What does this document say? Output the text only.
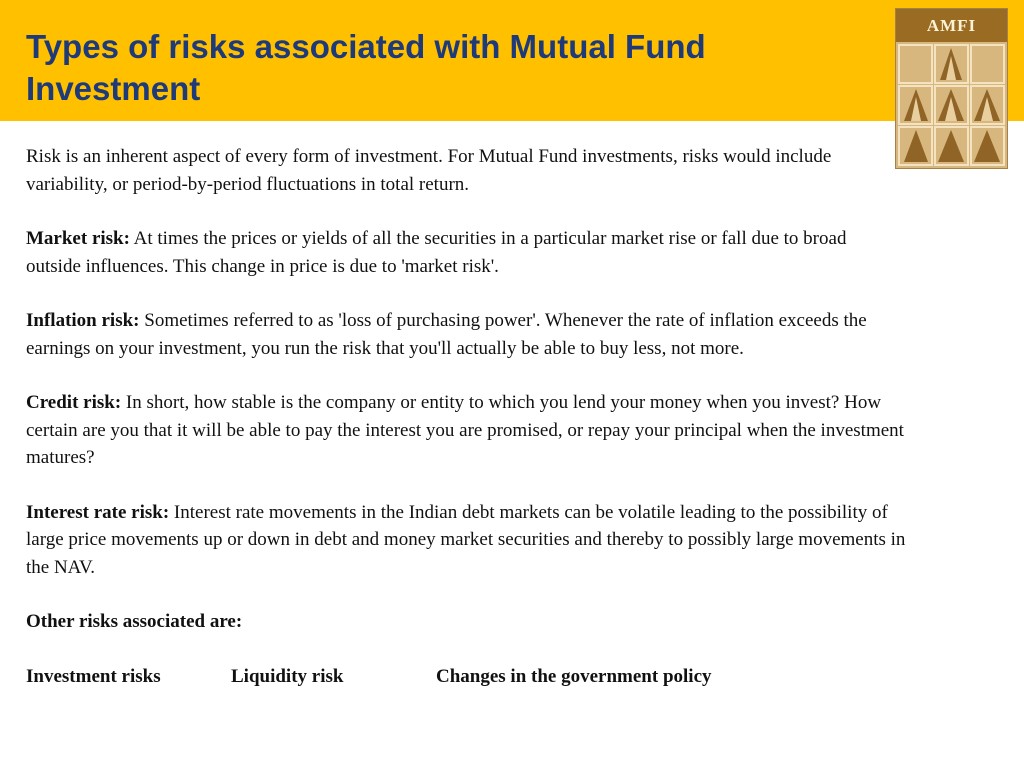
Types of risks associated with Mutual Fund Investment
AMFI

Risk is an inherent aspect of every form of investment. For Mutual Fund investments, risks would include variability, or period-by-period fluctuations in total return.

Market risk: At times the prices or yields of all the securities in a particular market rise or fall due to broad outside influences. This change in price is due to 'market risk'.

Inflation risk: Sometimes referred to as 'loss of purchasing power'. Whenever the rate of inflation exceeds the earnings on your investment, you run the risk that you'll actually be able to buy less, not more.

Credit risk: In short, how stable is the company or entity to which you lend your money when you invest? How certain are you that it will be able to pay the interest you are promised, or repay your principal when the investment matures?

Interest rate risk: Interest rate movements in the Indian debt markets can be volatile leading to the possibility of large price movements up or down in debt and money market securities and thereby to possibly large movements in the NAV.

Other risks associated are:

Investment risks	Liquidity risk	Changes in the government policy
